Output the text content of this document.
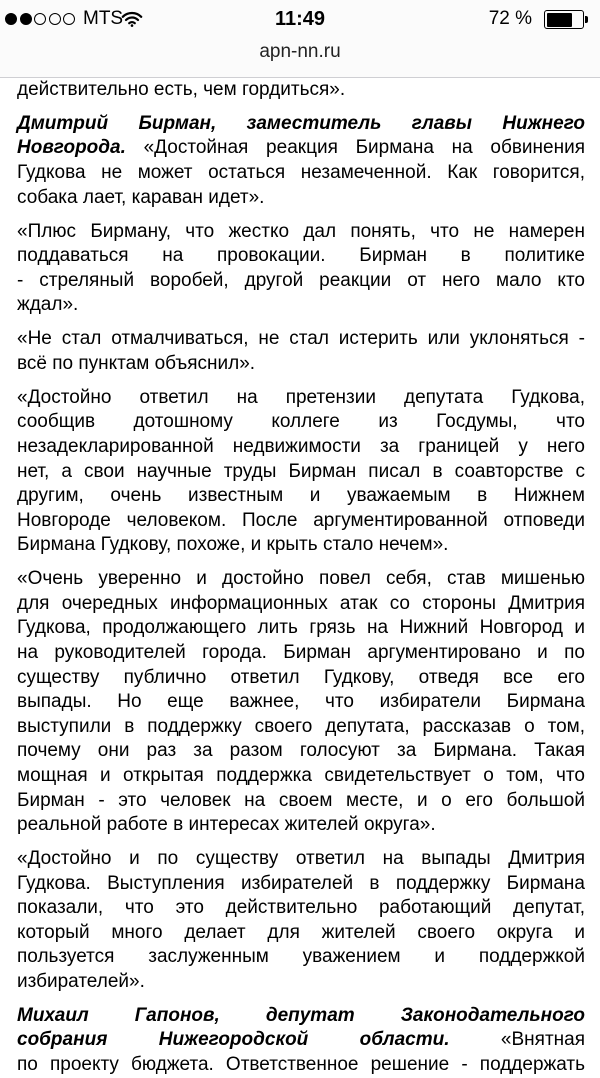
MTS	11:49	72 %
apn-nn.ru
действительно есть, чем гордиться».
Дмитрий Бирман, заместитель главы Нижнего
Новгорода. «Достойная реакция Бирмана на обвинения
Гудкова не может остаться незамеченной. Как говорится,
собака лает, караван идет».
«Плюс Бирману, что жестко дал понять, что не намерен
поддаваться на провокации. Бирман в политике
- стреляный воробей, другой реакции от него мало кто
ждал».
«Не стал отмалчиваться, не стал истерить или уклоняться -
всё по пунктам объяснил».
«Достойно ответил на претензии депутата Гудкова,
сообщив дотошному коллеге из Госдумы, что
незадекларированной недвижимости за границей у него
нет, а свои научные труды Бирман писал в соавторстве с
другим, очень известным и уважаемым в Нижнем
Новгороде человеком. После аргументированной отповеди
Бирмана Гудкову, похоже, и крыть стало нечем».
«Очень уверенно и достойно повел себя, став мишенью
для очередных информационных атак со стороны Дмитрия
Гудкова, продолжающего лить грязь на Нижний Новгород и
на руководителей города. Бирман аргументировано и по
существу публично ответил Гудкову, отведя все его
выпады. Но еще важнее, что избиратели Бирмана
выступили в поддержку своего депутата, рассказав о том,
почему они раз за разом голосуют за Бирмана. Такая
мощная и открытая поддержка свидетельствует о том, что
Бирман - это человек на своем месте, и о его большой
реальной работе в интересах жителей округа».
«Достойно и по существу ответил на выпады Дмитрия
Гудкова. Выступления избирателей в поддержку Бирмана
показали, что это действительно работающий депутат,
который много делает для жителей своего округа и
пользуется заслуженным уважением и поддержкой
избирателей».
Михаил Гапонов, депутат Законодательного
собрания Нижегородской области.	«Внятная
по проекту бюджета. Ответственное решение - поддержать
